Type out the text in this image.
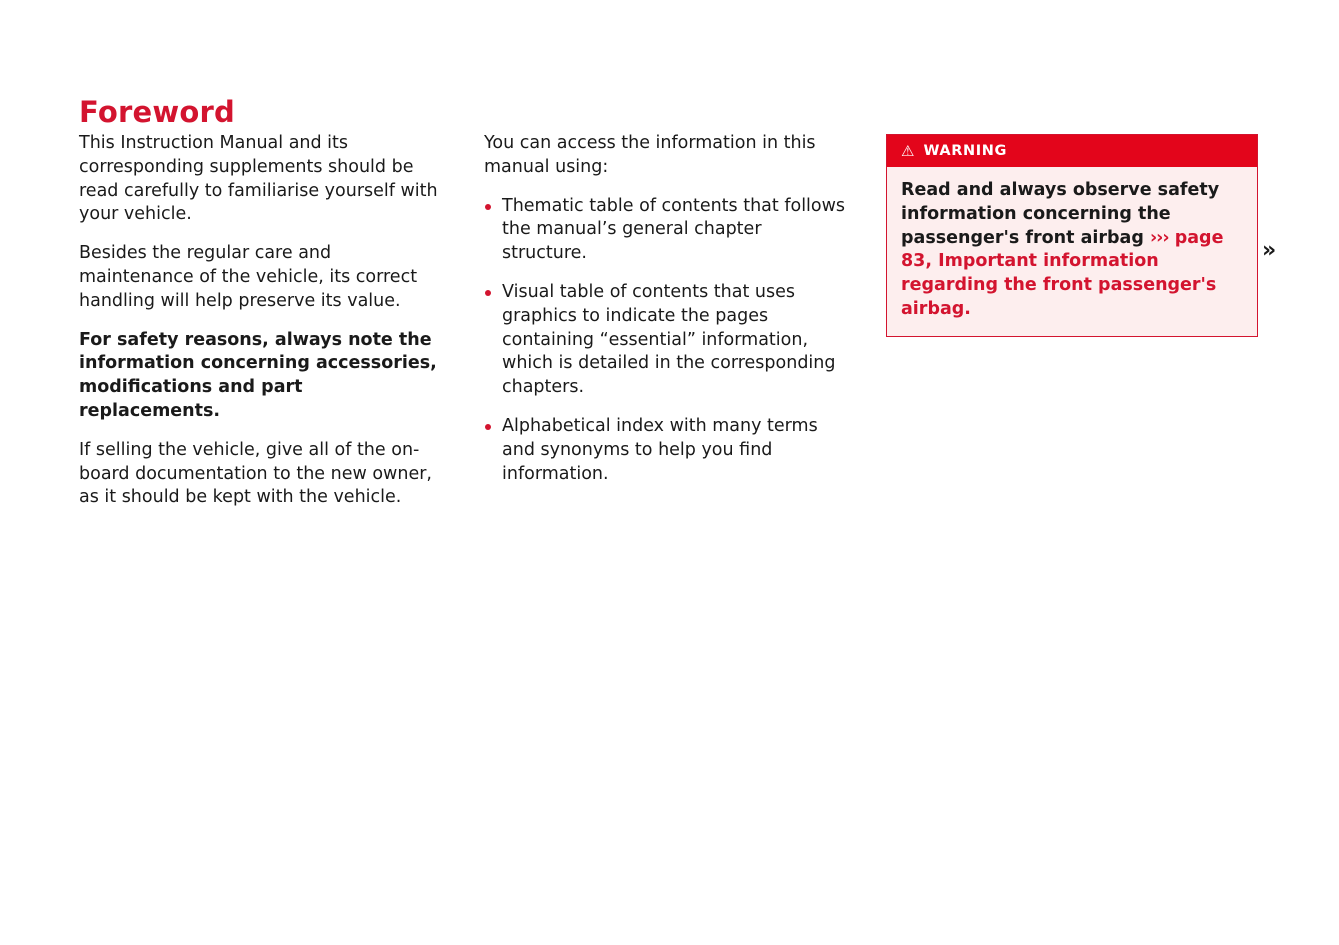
Foreword

This Instruction Manual and its corresponding supplements should be read carefully to familiarise yourself with your vehicle.

Besides the regular care and maintenance of the vehicle, its correct handling will help preserve its value.

For safety reasons, always note the information concerning accessories, modifications and part replacements.

If selling the vehicle, give all of the on-board documentation to the new owner, as it should be kept with the vehicle.

You can access the information in this manual using:

Thematic table of contents that follows the manual’s general chapter structure.
Visual table of contents that uses graphics to indicate the pages containing “essential” information, which is detailed in the corresponding chapters.
Alphabetical index with many terms and synonyms to help you find information.
⚠ WARNING
Read and always observe safety information concerning the passenger's front airbag ››› page 83, Important information regarding the front passenger's airbag.
»
